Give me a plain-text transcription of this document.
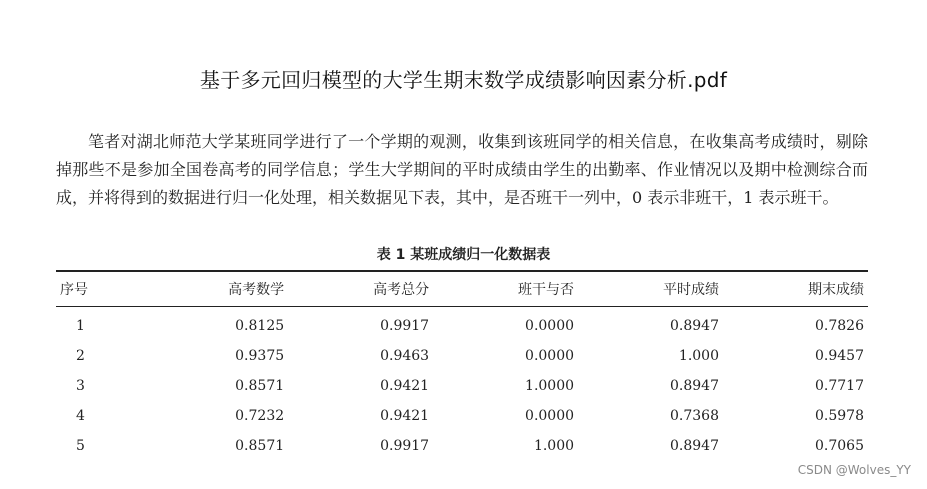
基于多元回归模型的大学生期末数学成绩影响因素分析.pdf

笔者对湖北师范大学某班同学进行了一个学期的观测，收集到该班同学的相关信息，在收集高考成绩时，剔除掉那些不是参加全国卷高考的同学信息；学生大学期间的平时成绩由学生的出勤率、作业情况以及期中检测综合而成，并将得到的数据进行归一化处理，相关数据见下表，其中，是否班干一列中，0 表示非班干，1 表示班干。

表 1 某班成绩归一化数据表
序号	高考数学	高考总分	班干与否	平时成绩	期末成绩
1	0.8125	0.9917	0.0000	0.8947	0.7826
2	0.9375	0.9463	0.0000	1.000	0.9457
3	0.8571	0.9421	1.0000	0.8947	0.7717
4	0.7232	0.9421	0.0000	0.7368	0.5978
5	0.8571	0.9917	1.000	0.8947	0.7065
CSDN @Wolves_YY
